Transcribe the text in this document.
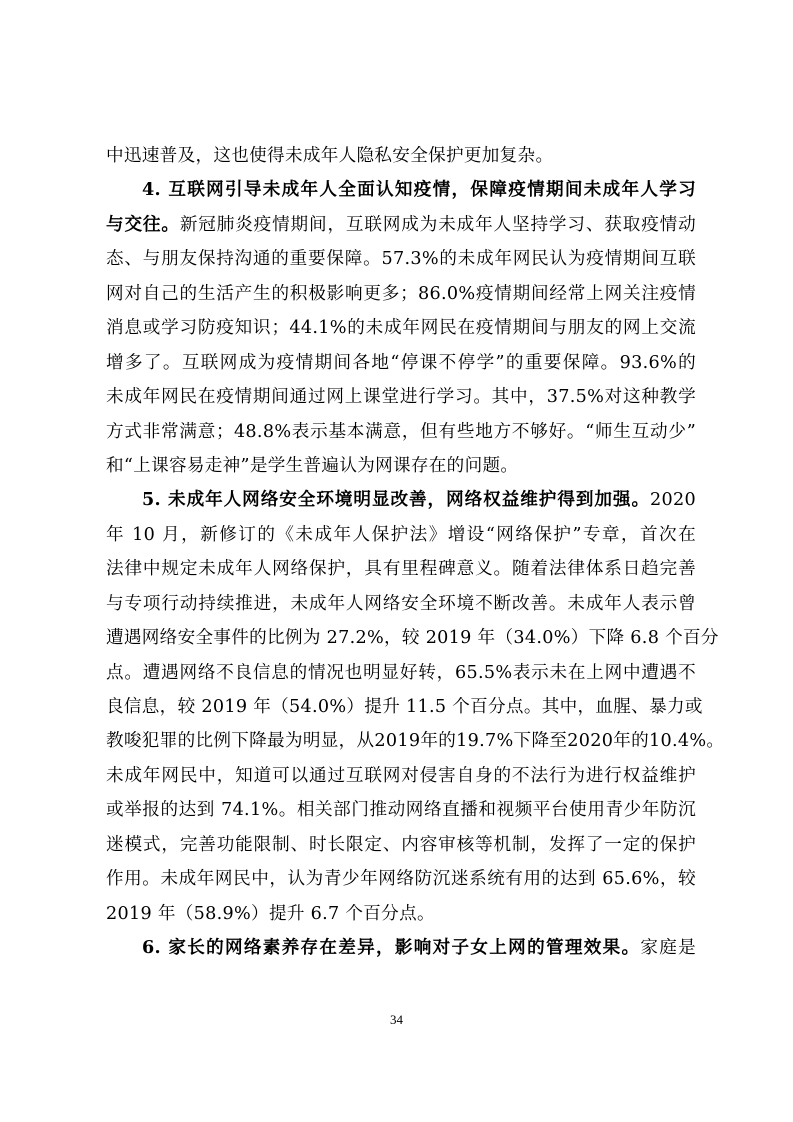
中迅速普及，这也使得未成年人隐私安全保护更加复杂。
4. 互联网引导未成年人全面认知疫情，保障疫情期间未成年人学习
与交往。新冠肺炎疫情期间，互联网成为未成年人坚持学习、获取疫情动
态、与朋友保持沟通的重要保障。57.3%的未成年网民认为疫情期间互联
网对自己的生活产生的积极影响更多；86.0%疫情期间经常上网关注疫情
消息或学习防疫知识；44.1%的未成年网民在疫情期间与朋友的网上交流
增多了。互联网成为疫情期间各地“停课不停学”的重要保障。93.6%的
未成年网民在疫情期间通过网上课堂进行学习。其中，37.5%对这种教学
方式非常满意；48.8%表示基本满意，但有些地方不够好。“师生互动少”
和“上课容易走神”是学生普遍认为网课存在的问题。
5. 未成年人网络安全环境明显改善，网络权益维护得到加强。2020
年 10 月，新修订的《未成年人保护法》增设“网络保护”专章，首次在
法律中规定未成年人网络保护，具有里程碑意义。随着法律体系日趋完善
与专项行动持续推进，未成年人网络安全环境不断改善。未成年人表示曾
遭遇网络安全事件的比例为 27.2%，较 2019 年（34.0%）下降 6.8 个百分
点。遭遇网络不良信息的情况也明显好转，65.5%表示未在上网中遭遇不
良信息，较 2019 年（54.0%）提升 11.5 个百分点。其中，血腥、暴力或
教唆犯罪的比例下降最为明显，从2019年的19.7%下降至2020年的10.4%。
未成年网民中，知道可以通过互联网对侵害自身的不法行为进行权益维护
或举报的达到 74.1%。相关部门推动网络直播和视频平台使用青少年防沉
迷模式，完善功能限制、时长限定、内容审核等机制，发挥了一定的保护
作用。未成年网民中，认为青少年网络防沉迷系统有用的达到 65.6%，较
2019 年（58.9%）提升 6.7 个百分点。
6. 家长的网络素养存在差异，影响对子女上网的管理效果。家庭是
34
